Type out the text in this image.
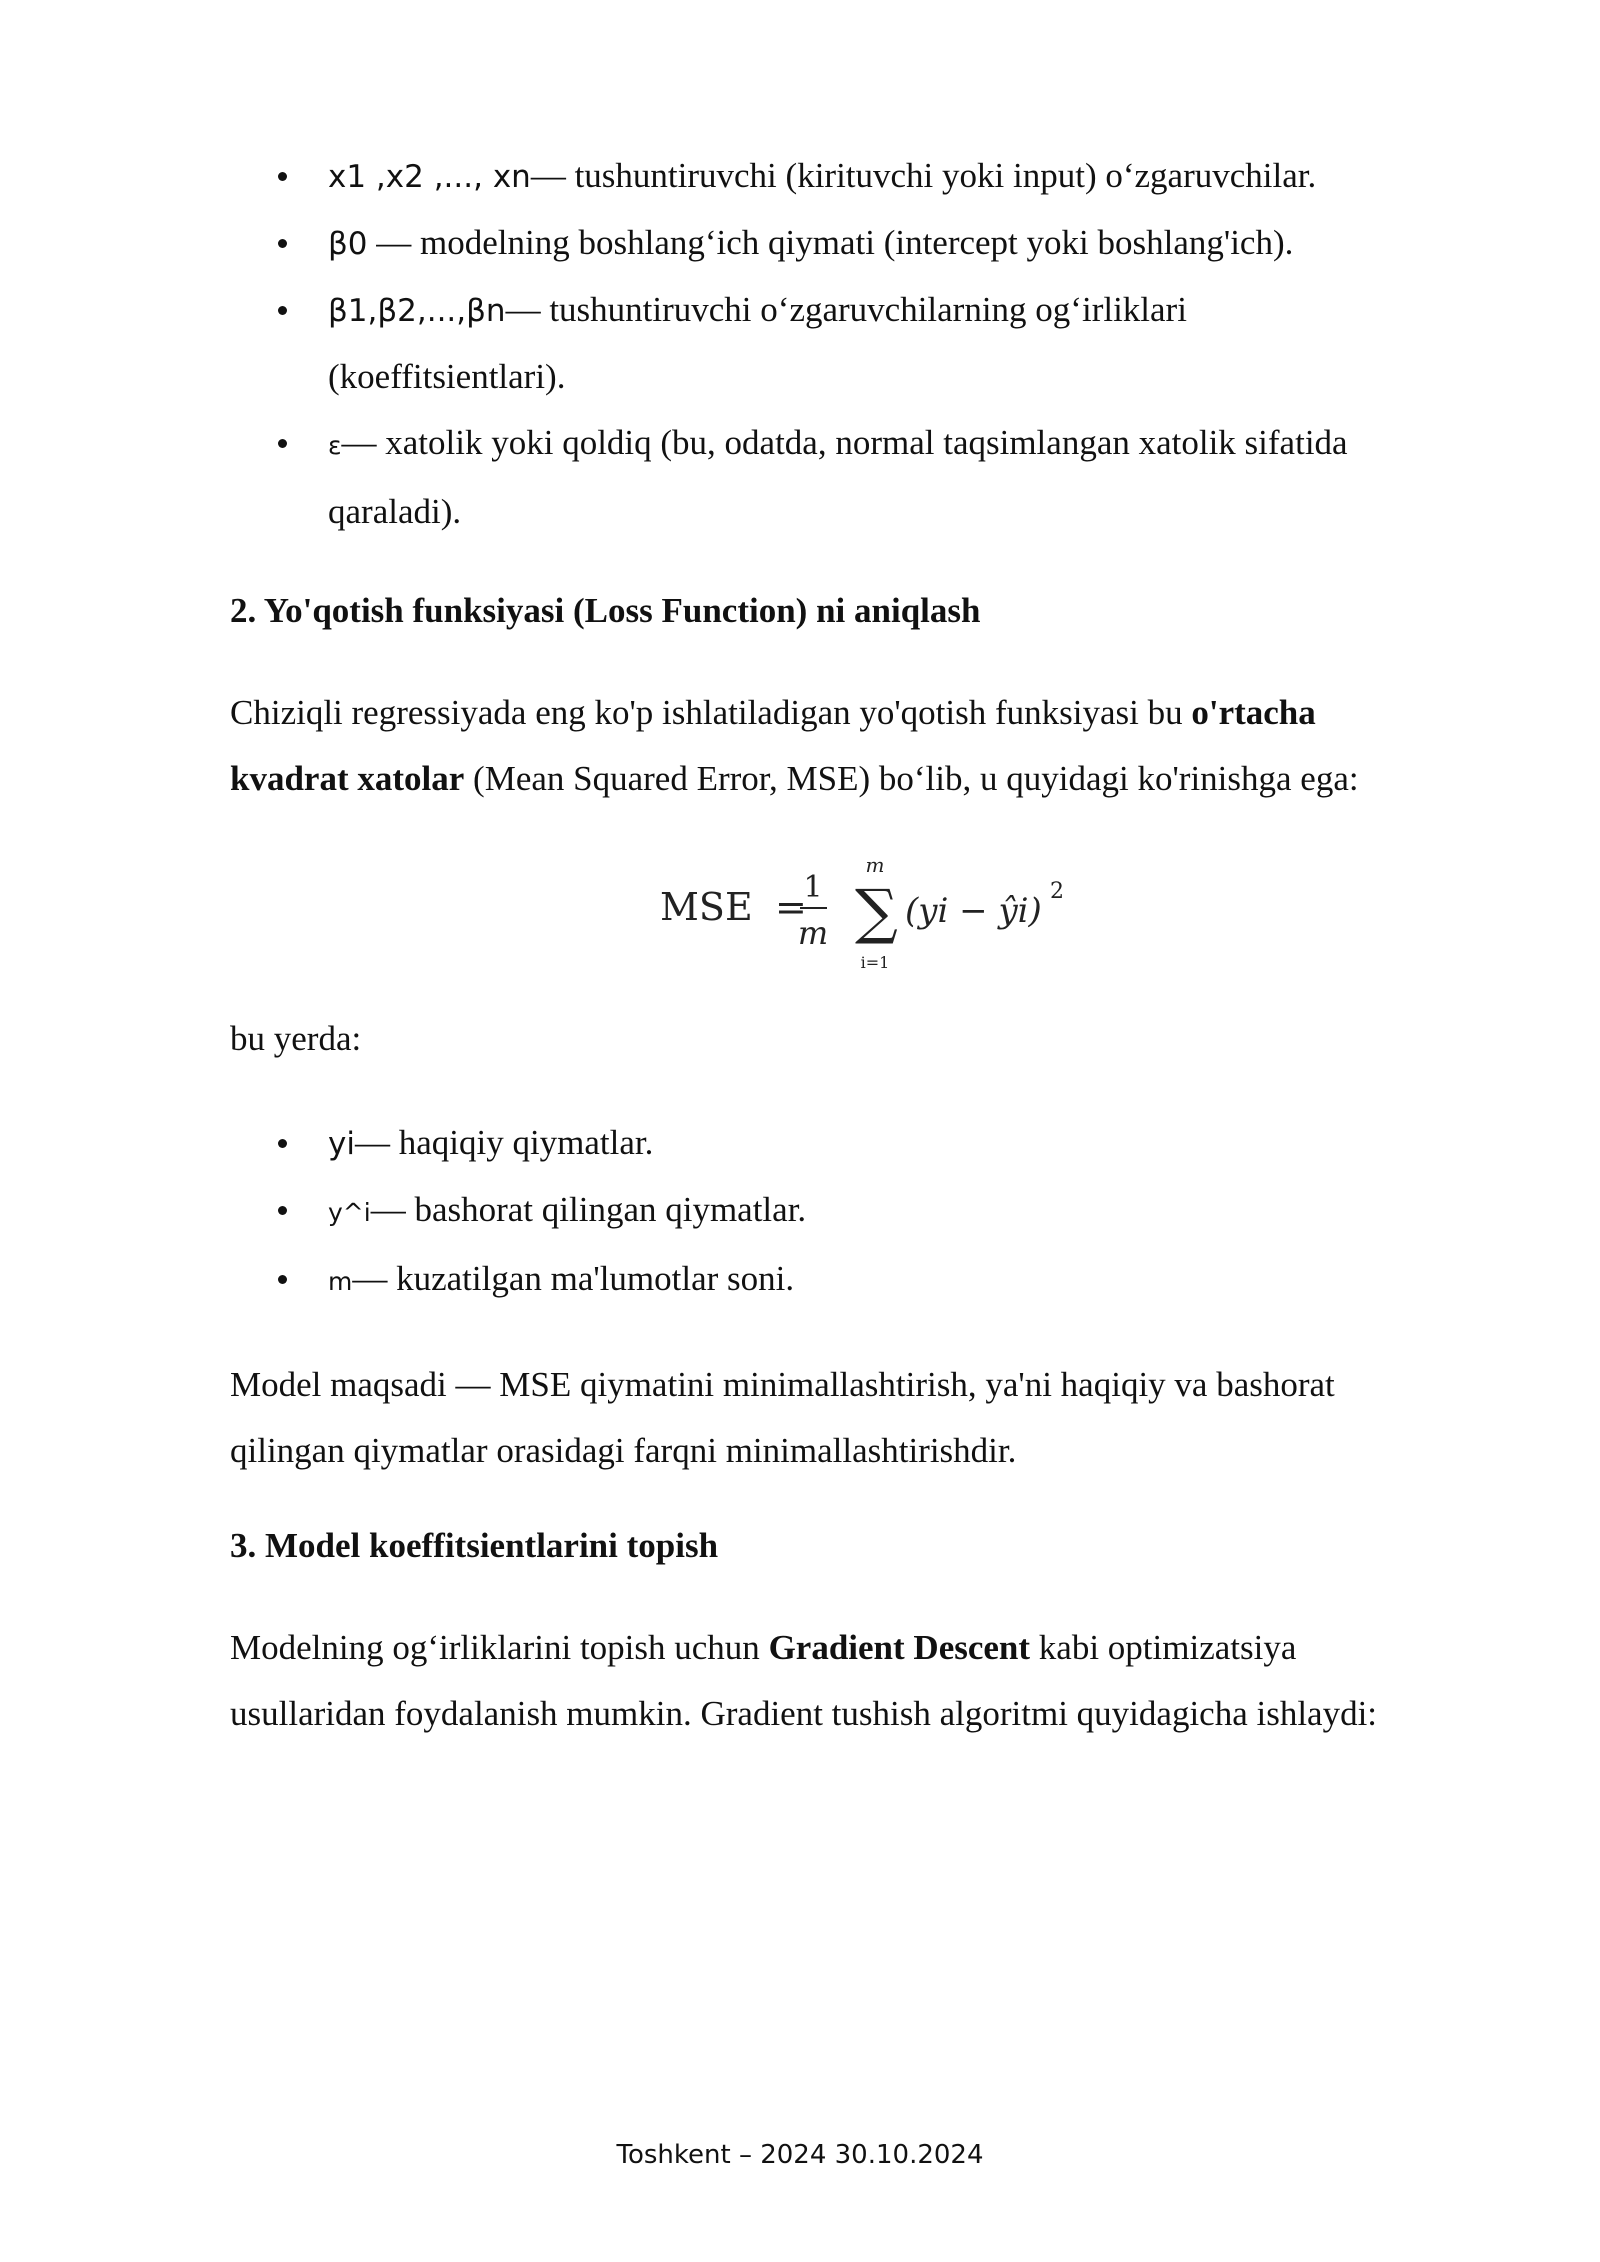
x1 ,x2 ,..., xn— tushuntiruvchi (kirituvchi yoki input) o‘zgaruvchilar.
β0 — modelning boshlang‘ich qiymati (intercept yoki boshlang'ich).
β1,β2,...,βn— tushuntiruvchi o‘zgaruvchilarning og‘irliklari
(koeffitsientlari).
ε— xatolik yoki qoldiq (bu, odatda, normal taqsimlangan xatolik sifatida
qaraladi).
2. Yo'qotish funksiyasi (Loss Function) ni aniqlash

Chiziqli regressiyada eng ko'p ishlatiladigan yo'qotish funksiyasi bu o'rtacha

kvadrat xatolar (Mean Squared Error, MSE) bo‘lib, u quyidagi ko'rinishga ega:

bu yerda:

yi— haqiqiy qiymatlar.
y^i— bashorat qilingan qiymatlar.
m— kuzatilgan ma'lumotlar soni.

Model maqsadi — MSE qiymatini minimallashtirish, ya'ni haqiqiy va bashorat

qilingan qiymatlar orasidagi farqni minimallashtirishdir.

3. Model koeffitsientlarini topish

Modelning og‘irliklarini topish uchun Gradient Descent kabi optimizatsiya

usullaridan foydalanish mumkin. Gradient tushish algoritmi quyidagicha ishlaydi:

MSE =
1
m
m
∑
i=1
(yi − ŷi) 2
Toshkent – 2024 30.10.2024
